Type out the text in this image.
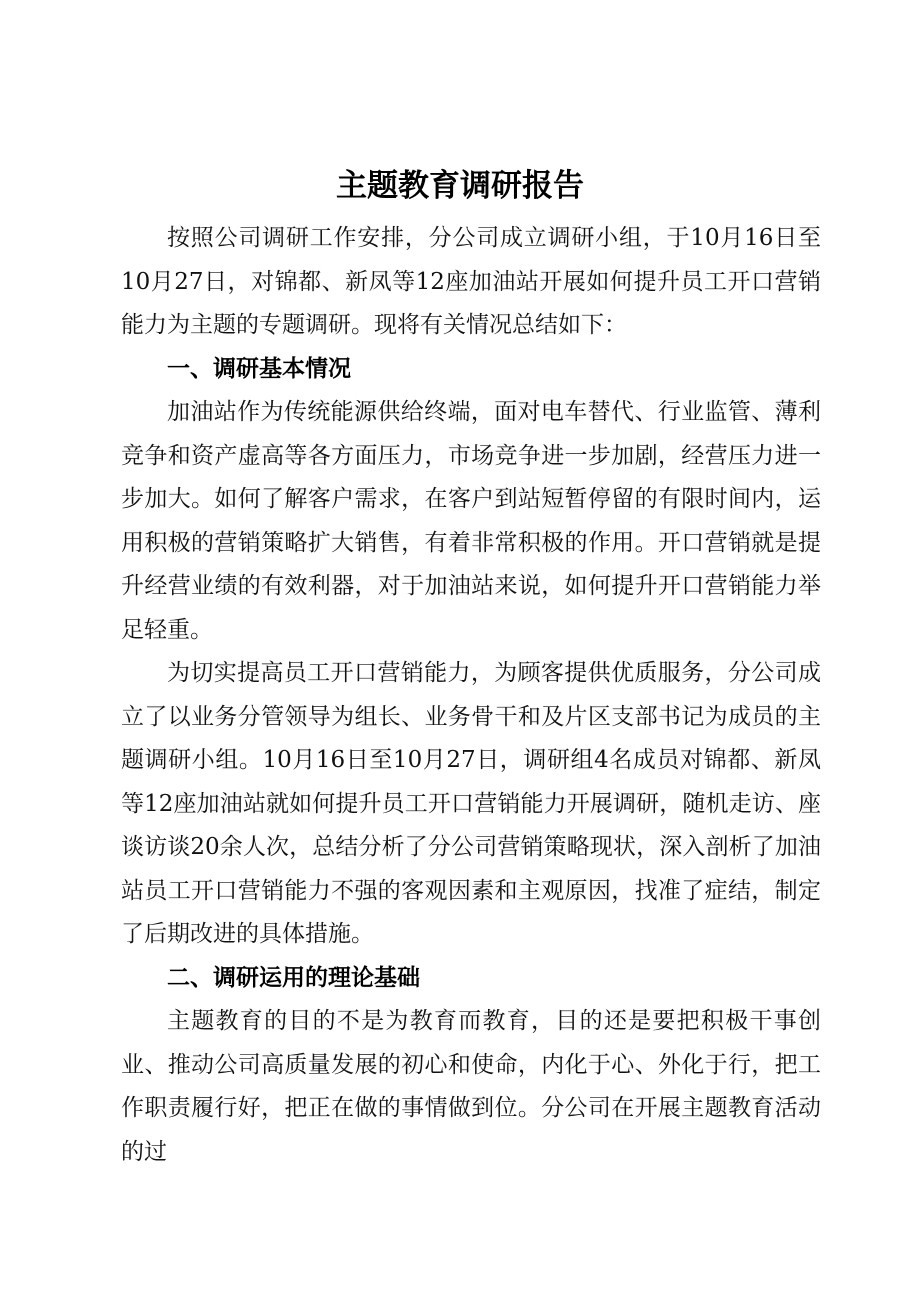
主题教育调研报告

按照公司调研工作安排，分公司成立调研小组，于10月16日至10月27日，对锦都、新凤等12座加油站开展如何提升员工开口营销能力为主题的专题调研。现将有关情况总结如下：

一、调研基本情况

加油站作为传统能源供给终端，面对电车替代、行业监管、薄利竞争和资产虚高等各方面压力，市场竞争进一步加剧，经营压力进一步加大。如何了解客户需求，在客户到站短暂停留的有限时间内，运用积极的营销策略扩大销售，有着非常积极的作用。开口营销就是提升经营业绩的有效利器，对于加油站来说，如何提升开口营销能力举足轻重。

为切实提高员工开口营销能力，为顾客提供优质服务，分公司成立了以业务分管领导为组长、业务骨干和及片区支部书记为成员的主题调研小组。10月16日至10月27日，调研组4名成员对锦都、新凤等12座加油站就如何提升员工开口营销能力开展调研，随机走访、座谈访谈20余人次，总结分析了分公司营销策略现状，深入剖析了加油站员工开口营销能力不强的客观因素和主观原因，找准了症结，制定了后期改进的具体措施。

二、调研运用的理论基础

主题教育的目的不是为教育而教育，目的还是要把积极干事创业、推动公司高质量发展的初心和使命，内化于心、外化于行，把工作职责履行好，把正在做的事情做到位。分公司在开展主题教育活动的过
